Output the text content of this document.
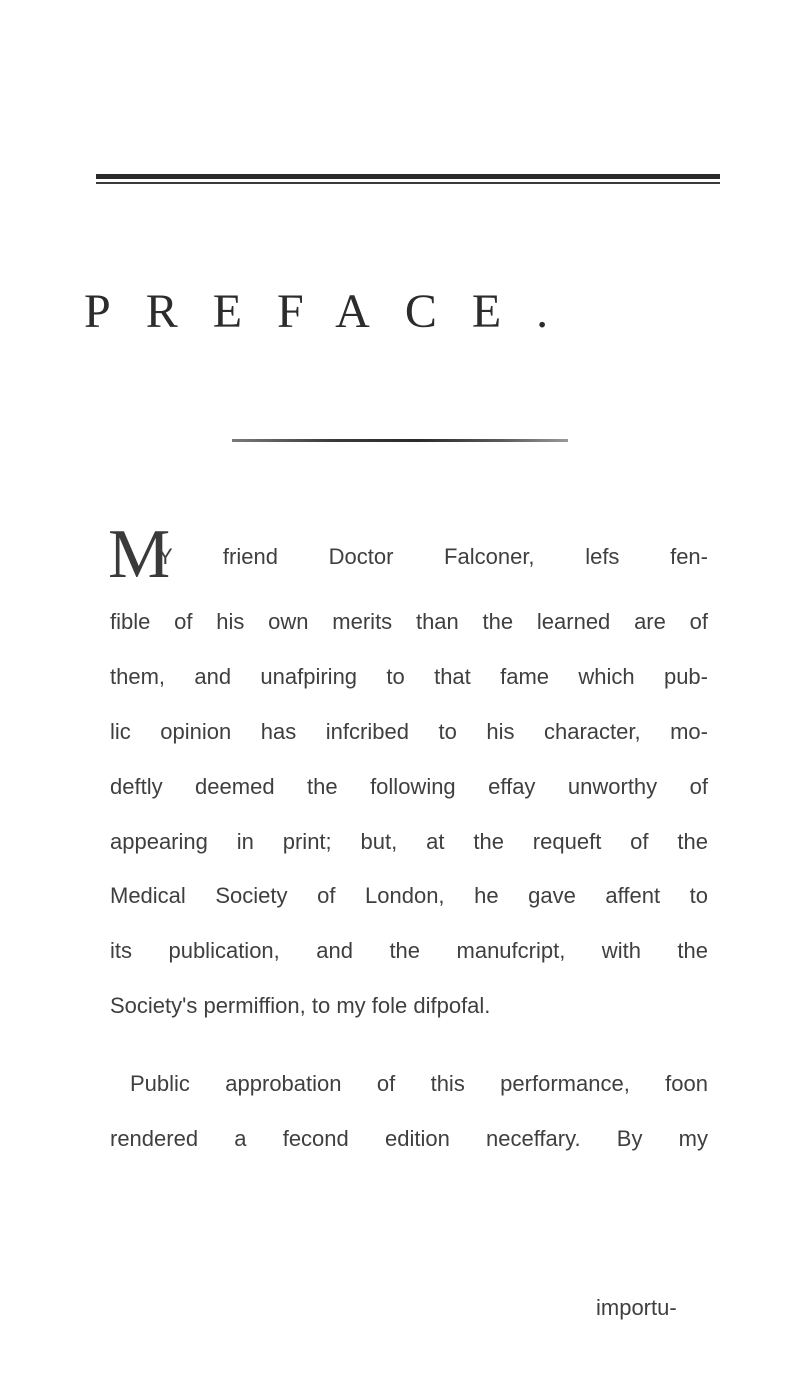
PREFACE.
M
Y friend Doctor Falconer, lefs fen-
fible of his own merits than the learned are of
them, and unafpiring to that fame which pub-
lic opinion has infcribed to his character, mo-
deftly deemed the following effay unworthy of
appearing in print; but, at the requeft of the
Medical Society of London, he gave affent to
its publication, and the manufcript, with the
Society's permiffion, to my fole difpofal.
Public approbation of this performance, foon
rendered a fecond edition neceffary. By my
importu-
